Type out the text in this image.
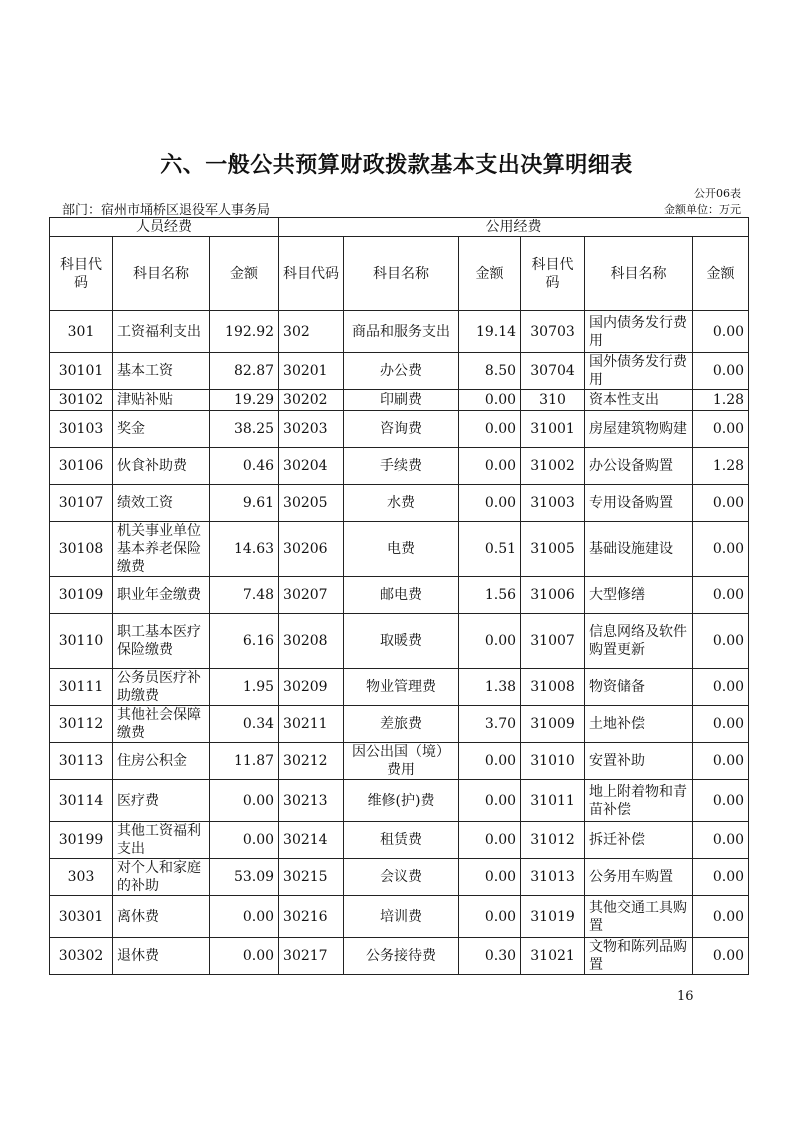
六、一般公共预算财政拨款基本支出决算明细表
公开06表
部门：宿州市埇桥区退役军人事务局	金额单位：万元
人员经费			公用经费					
科目代码	科目名称	金额	科目代码	科目名称	金额	科目代码	科目名称	金额
301	工资福利支出	192.92	302	商品和服务支出	19.14	30703	国内债务发行费用	0.00
30101	基本工资	82.87	30201	办公费	8.50	30704	国外债务发行费用	0.00
30102	津贴补贴	19.29	30202	印刷费	0.00	310	资本性支出	1.28
30103	奖金	38.25	30203	咨询费	0.00	31001	房屋建筑物购建	0.00
30106	伙食补助费	0.46	30204	手续费	0.00	31002	办公设备购置	1.28
30107	绩效工资	9.61	30205	水费	0.00	31003	专用设备购置	0.00
30108	机关事业单位基本养老保险缴费	14.63	30206	电费	0.51	31005	基础设施建设	0.00
30109	职业年金缴费	7.48	30207	邮电费	1.56	31006	大型修缮	0.00
30110	职工基本医疗保险缴费	6.16	30208	取暖费	0.00	31007	信息网络及软件购置更新	0.00
30111	公务员医疗补助缴费	1.95	30209	物业管理费	1.38	31008	物资储备	0.00
30112	其他社会保障缴费	0.34	30211	差旅费	3.70	31009	土地补偿	0.00
30113	住房公积金	11.87	30212	因公出国（境）费用	0.00	31010	安置补助	0.00
30114	医疗费	0.00	30213	维修(护)费	0.00	31011	地上附着物和青苗补偿	0.00
30199	其他工资福利支出	0.00	30214	租赁费	0.00	31012	拆迁补偿	0.00
303	对个人和家庭的补助	53.09	30215	会议费	0.00	31013	公务用车购置	0.00
30301	离休费	0.00	30216	培训费	0.00	31019	其他交通工具购置	0.00
30302	退休费	0.00	30217	公务接待费	0.30	31021	文物和陈列品购置	0.00
16
